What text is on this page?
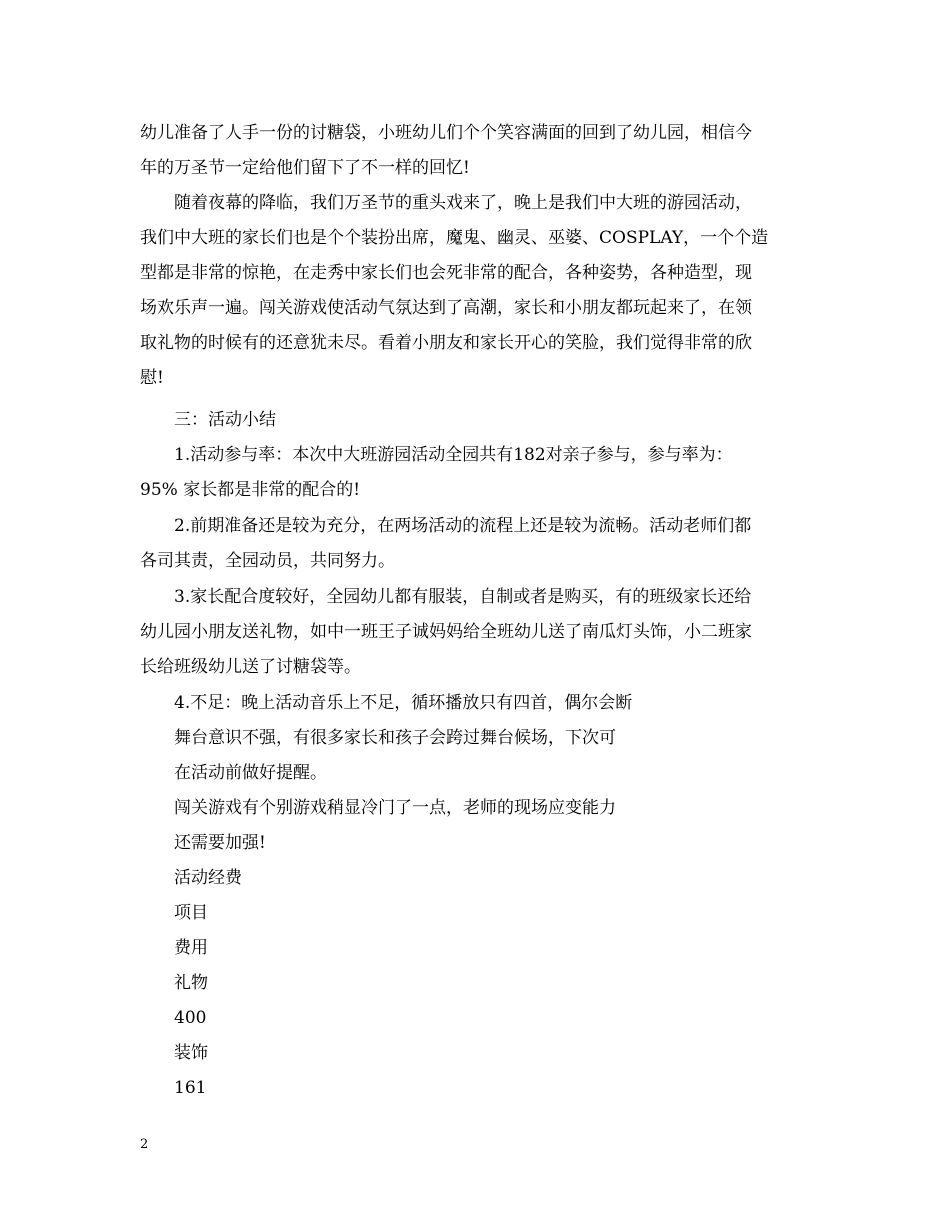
幼儿准备了人手一份的讨糖袋，小班幼儿们个个笑容满面的回到了幼儿园，相信今
年的万圣节一定给他们留下了不一样的回忆!
随着夜幕的降临，我们万圣节的重头戏来了，晚上是我们中大班的游园活动，
我们中大班的家长们也是个个装扮出席，魔鬼、幽灵、巫婆、COSPLAY，一个个造
型都是非常的惊艳，在走秀中家长们也会死非常的配合，各种姿势，各种造型，现
场欢乐声一遍。闯关游戏使活动气氛达到了高潮，家长和小朋友都玩起来了，在领
取礼物的时候有的还意犹未尽。看着小朋友和家长开心的笑脸，我们觉得非常的欣
慰!
三：活动小结
1.活动参与率：本次中大班游园活动全园共有182对亲子参与，参与率为：
95% 家长都是非常的配合的!
2.前期准备还是较为充分，在两场活动的流程上还是较为流畅。活动老师们都
各司其责，全园动员，共同努力。
3.家长配合度较好，全园幼儿都有服装，自制或者是购买，有的班级家长还给
幼儿园小朋友送礼物，如中一班王子诚妈妈给全班幼儿送了南瓜灯头饰，小二班家
长给班级幼儿送了讨糖袋等。
4.不足：晚上活动音乐上不足，循环播放只有四首，偶尔会断
舞台意识不强，有很多家长和孩子会跨过舞台候场，下次可
在活动前做好提醒。
闯关游戏有个别游戏稍显冷门了一点，老师的现场应变能力
还需要加强!
活动经费
项目
费用
礼物
400
装饰
161
2
